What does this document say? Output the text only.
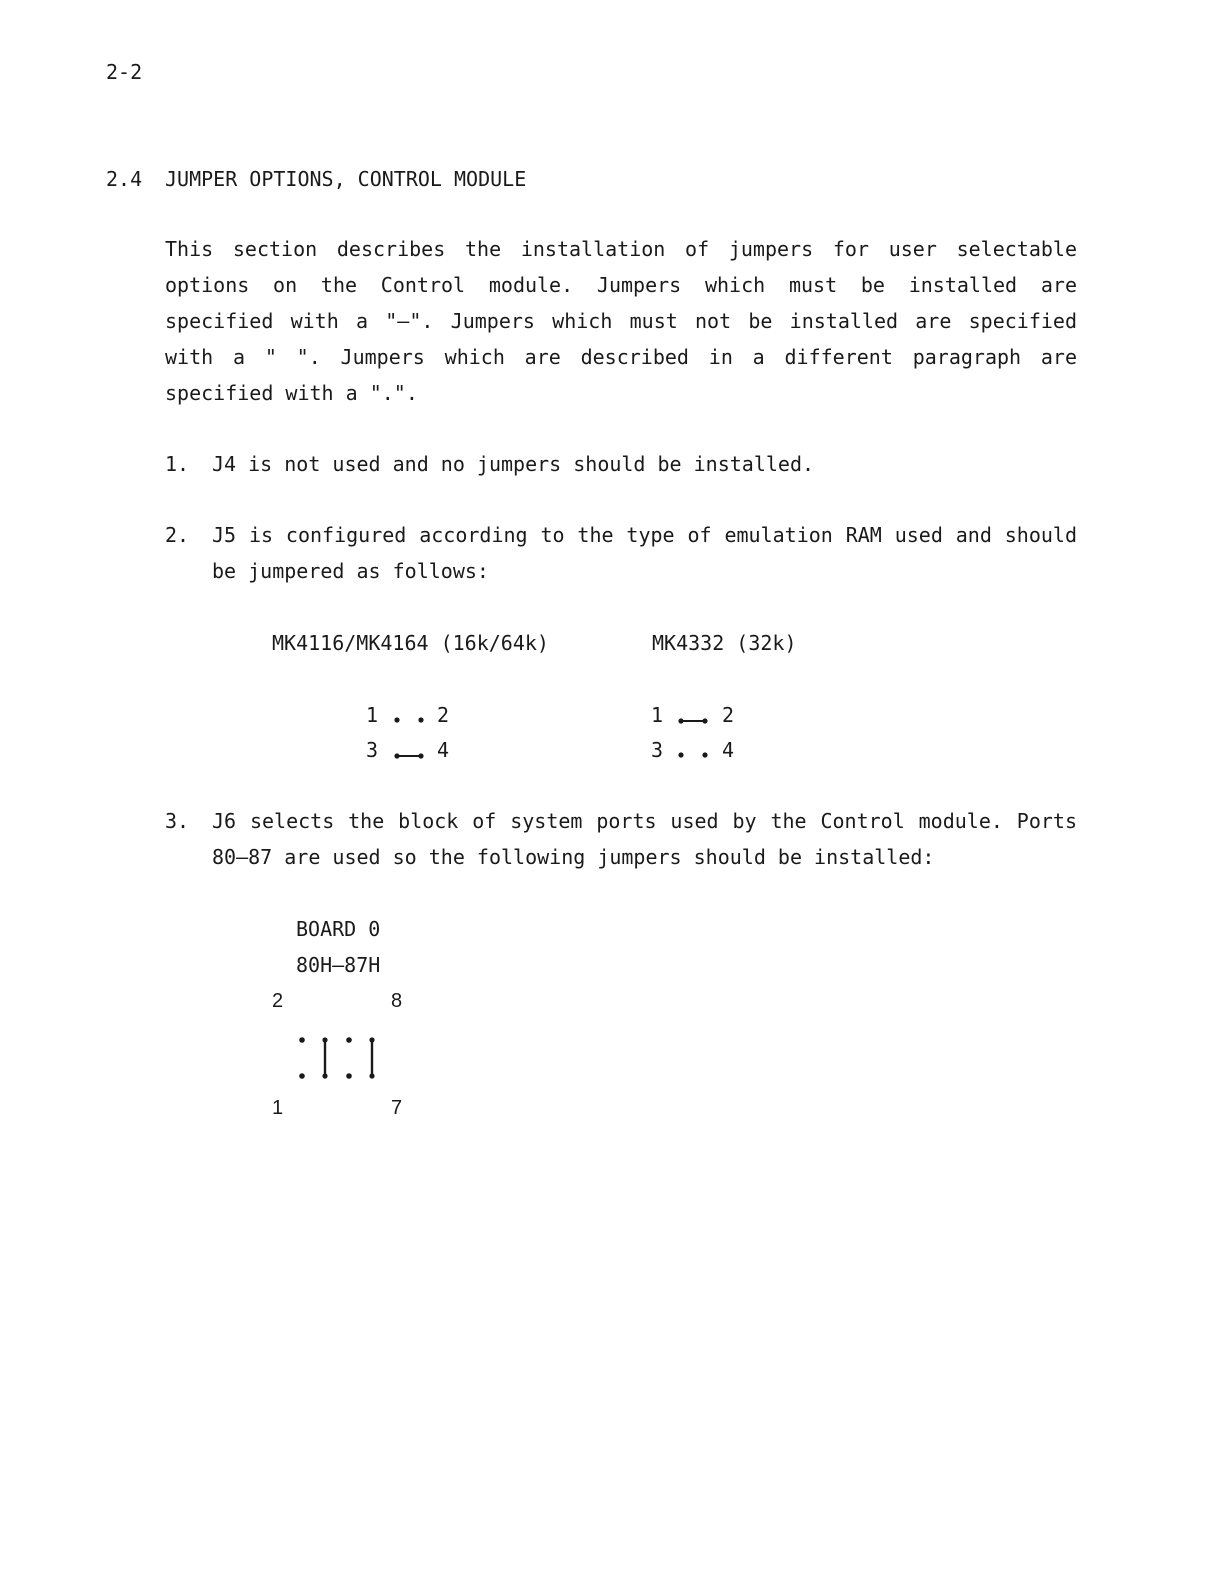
2-2
2.4 JUMPER OPTIONS, CONTROL MODULE
This section describes the installation of jumpers for user selectable
options on the Control module. Jumpers which must be installed are
specified with a "–". Jumpers which must not be installed are specified
with a " ". Jumpers which are described in a different paragraph are
specified with a ".".
1. J4 is not used and no jumpers should be installed.
2. J5 is configured according to the type of emulation RAM used and should
be jumpered as follows:
MK4116/MK4164 (16k/64k)
1	2
3	4
MK4332 (32k)
1	2
3	4
3. J6 selects the block of system ports used by the Control module. Ports
80–87 are used so the following jumpers should be installed:
BOARD 0
80H–87H
2	8
1	7
